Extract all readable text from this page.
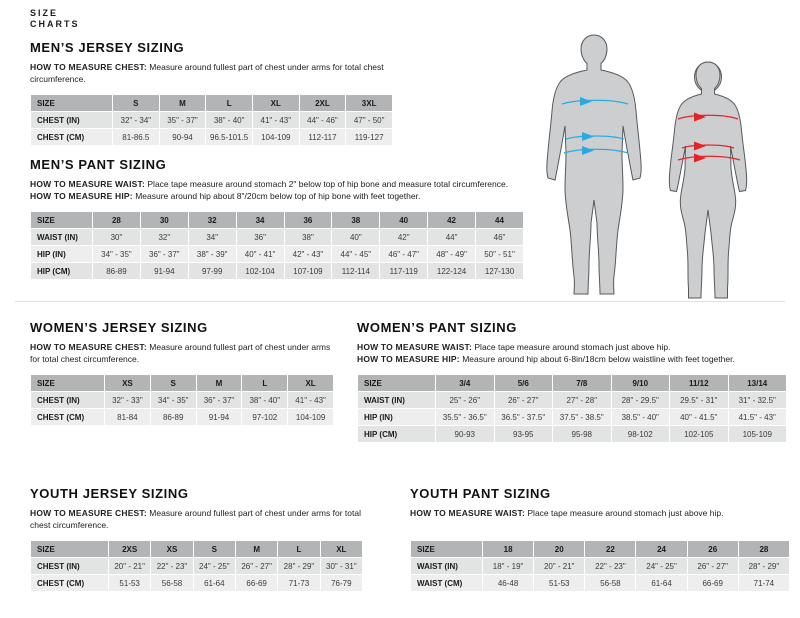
SIZE
CHARTS
MEN’S JERSEY SIZING

HOW TO MEASURE CHEST: Measure around fullest part of chest under arms for total chest circumference.

SIZE	S	M	L	XL	2XL	3XL
CHEST (IN)	32" - 34"	35" - 37"	38" - 40"	41" - 43"	44" - 46"	47" - 50"
CHEST (CM)	81-86.5	90-94	96.5-101.5	104-109	112-117	119-127
MEN’S PANT SIZING

HOW TO MEASURE WAIST: Place tape measure around stomach 2" below top of hip bone and measure total circumference.

HOW TO MEASURE HIP: Measure around hip about 8"/20cm below top of hip bone with feet together.

SIZE	28	30	32	34	36	38	40	42	44
WAIST (IN)	30"	32"	34"	36"	38"	40"	42"	44"	46"
HIP (IN)	34" - 35"	36" - 37"	38" - 39"	40" - 41"	42" - 43"	44" - 45"	46" - 47"	48" - 49"	50" - 51"
HIP (CM)	86-89	91-94	97-99	102-104	107-109	112-114	117-119	122-124	127-130
WOMEN’S JERSEY SIZING

HOW TO MEASURE CHEST: Measure around fullest part of chest under arms for total chest circumference.

SIZE	XS	S	M	L	XL
CHEST (IN)	32" - 33"	34" - 35"	36" - 37"	38" - 40"	41" - 43"
CHEST (CM)	81-84	86-89	91-94	97-102	104-109
WOMEN’S PANT SIZING

HOW TO MEASURE WAIST: Place tape measure around stomach just above hip.

HOW TO MEASURE HIP: Measure around hip about 6-8in/18cm below waistline with feet together.

SIZE	3/4	5/6	7/8	9/10	11/12	13/14
WAIST (IN)	25" - 26"	26" - 27"	27" - 28"	28" - 29.5"	29.5" - 31"	31" - 32.5"
HIP (IN)	35.5" - 36.5"	36.5" - 37.5"	37.5" - 38.5"	38.5" - 40"	40" - 41.5"	41.5" - 43"
HIP (CM)	90-93	93-95	95-98	98-102	102-105	105-109
YOUTH JERSEY SIZING

HOW TO MEASURE CHEST: Measure around fullest part of chest under arms for total chest circumference.

SIZE	2XS	XS	S	M	L	XL
CHEST (IN)	20" - 21"	22" - 23"	24" - 25"	26" - 27"	28" - 29"	30" - 31"
CHEST (CM)	51-53	56-58	61-64	66-69	71-73	76-79
YOUTH PANT SIZING

HOW TO MEASURE WAIST: Place tape measure around stomach just above hip.

SIZE	18	20	22	24	26	28
WAIST (IN)	18" - 19"	20" - 21"	22" - 23"	24" - 25"	26" - 27"	28" - 29"
WAIST (CM)	46-48	51-53	56-58	61-64	66-69	71-74
